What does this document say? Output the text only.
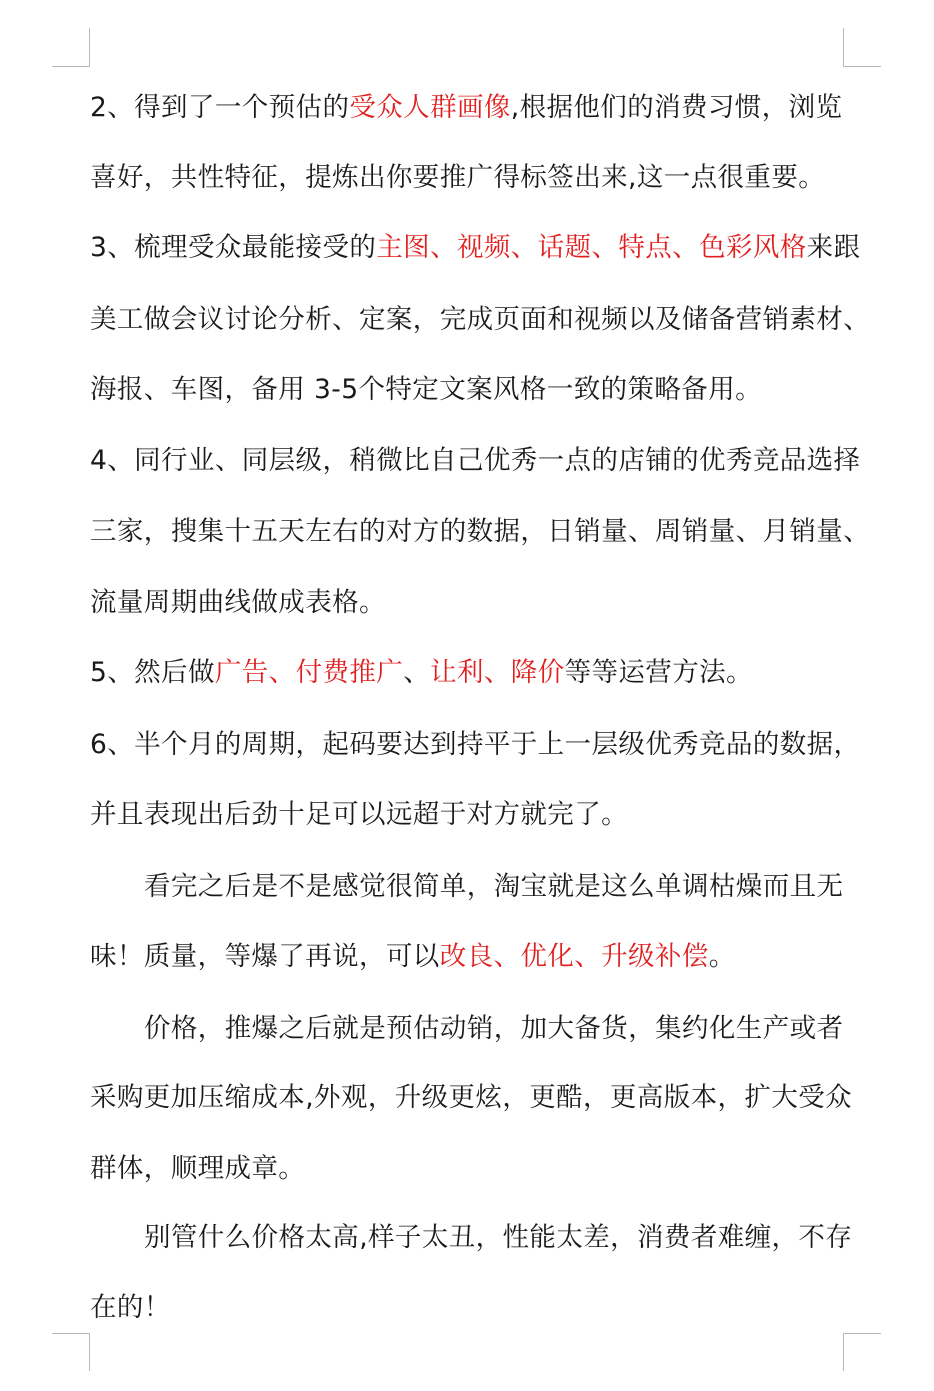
2、得到了一个预估的受众人群画像,根据他们的消费习惯，浏览
喜好，共性特征，提炼出你要推广得标签出来,这一点很重要。
3、梳理受众最能接受的主图、视频、话题、特点、色彩风格来跟
美工做会议讨论分析、定案，完成页面和视频以及储备营销素材、
海报、车图，备用 3-5个特定文案风格一致的策略备用。
4、同行业、同层级，稍微比自己优秀一点的店铺的优秀竞品选择
三家，搜集十五天左右的对方的数据，日销量、周销量、月销量、
流量周期曲线做成表格。
5、然后做广告、付费推广、让利、降价等等运营方法。
6、半个月的周期，起码要达到持平于上一层级优秀竞品的数据，
并且表现出后劲十足可以远超于对方就完了。
看完之后是不是感觉很简单，淘宝就是这么单调枯燥而且无
味！质量，等爆了再说，可以改良、优化、升级补偿。
价格，推爆之后就是预估动销，加大备货，集约化生产或者
采购更加压缩成本,外观，升级更炫，更酷，更高版本，扩大受众
群体，顺理成章。
别管什么价格太高,样子太丑，性能太差，消费者难缠，不存
在的！
